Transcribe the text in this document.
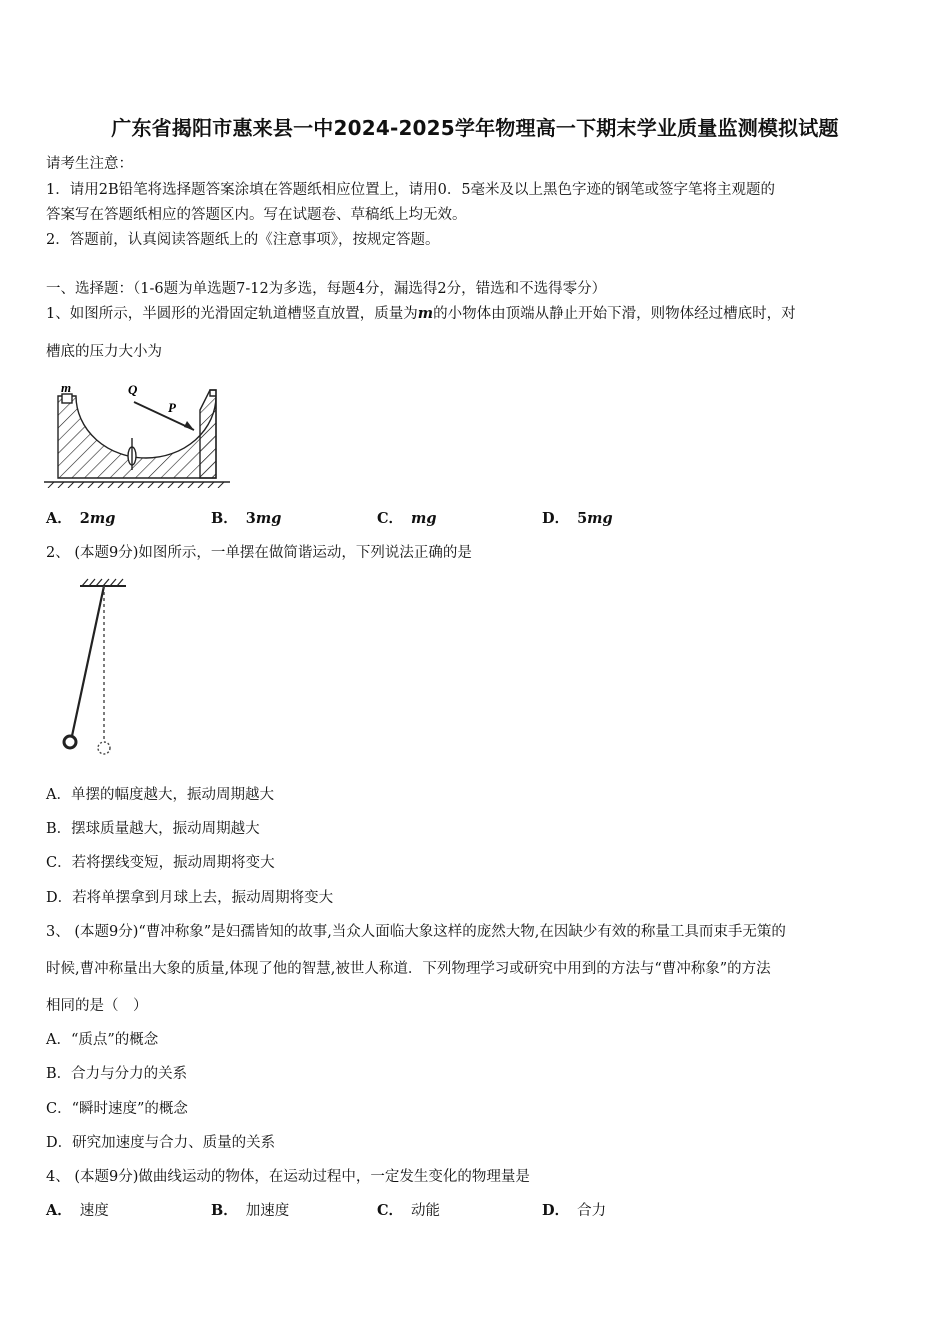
广东省揭阳市惠来县一中2024-2025学年物理高一下期末学业质量监测模拟试题
请考生注意：
1．请用2B铅笔将选择题答案涂填在答题纸相应位置上，请用0．5毫米及以上黑色字迹的钢笔或签字笔将主观题的
答案写在答题纸相应的答题区内。写在试题卷、草稿纸上均无效。
2．答题前，认真阅读答题纸上的《注意事项》，按规定答题。
一、选择题：（1-6题为单选题7-12为多选，每题4分，漏选得2分，错选和不选得零分）
1、如图所示，半圆形的光滑固定轨道槽竖直放置，质量为m的小物体由顶端从静止开始下滑，则物体经过槽底时，对
槽底的压力大小为
m	Q
P
A． 2mg	B． 3mg	C． mg	D． 5mg
2、 (本题9分)如图所示，一单摆在做简谐运动，下列说法正确的是
A．单摆的幅度越大，振动周期越大
B．摆球质量越大，振动周期越大
C．若将摆线变短，振动周期将变大
D．若将单摆拿到月球上去，振动周期将变大
3、 (本题9分)“曹冲称象”是妇孺皆知的故事,当众人面临大象这样的庞然大物,在因缺少有效的称量工具而束手无策的
时候,曹冲称量出大象的质量,体现了他的智慧,被世人称道．下列物理学习或研究中用到的方法与“曹冲称象”的方法
相同的是（　）
A．“质点”的概念
B．合力与分力的关系
C．“瞬时速度”的概念
D．研究加速度与合力、质量的关系
4、 (本题9分)做曲线运动的物体，在运动过程中，一定发生变化的物理量是
A． 速度	B． 加速度	C． 动能	D． 合力
